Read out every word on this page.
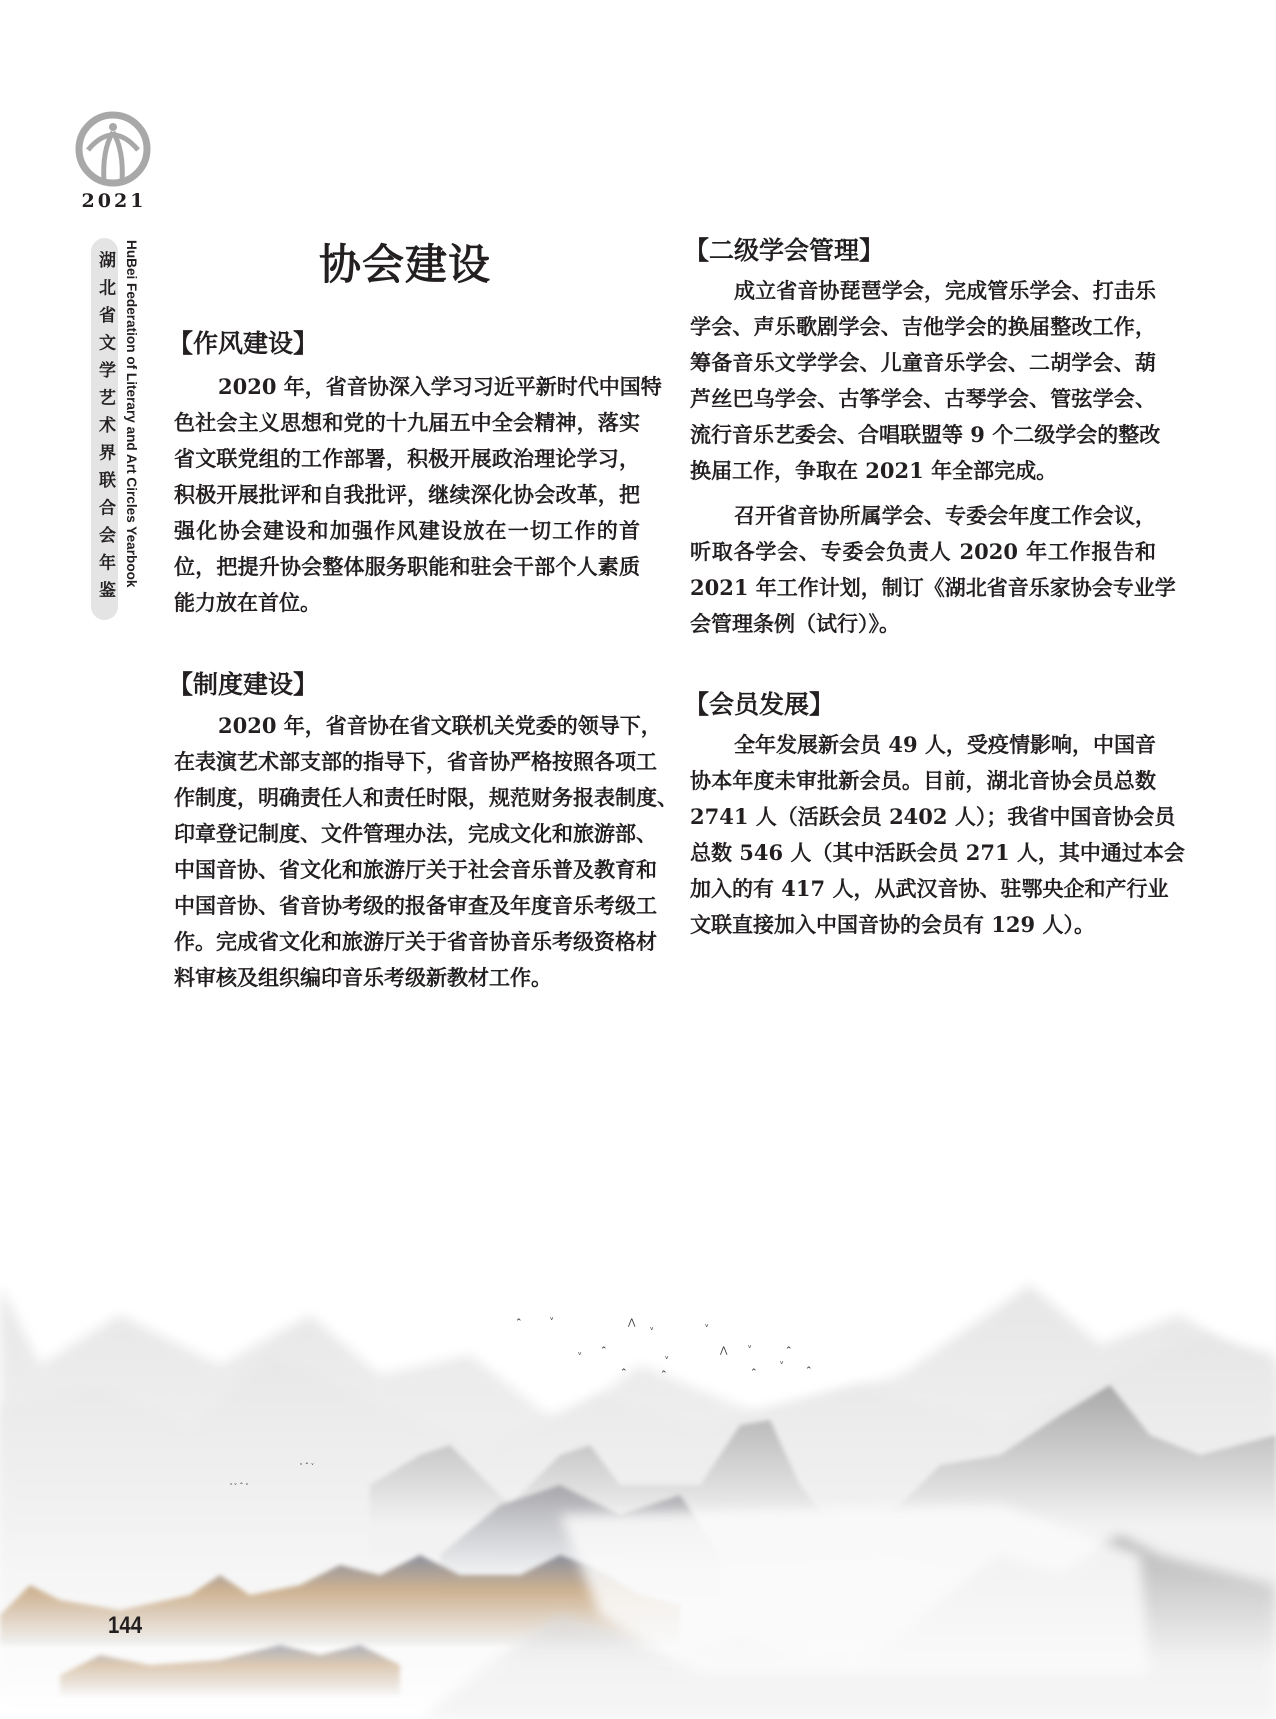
2021
湖北省文学艺术界联合会年鉴 HuBei Federation of Literary and Art Circles Yearbook	协会建设
【作风建设】
2020 年，省音协深入学习习近平新时代中国特
色社会主义思想和党的十九届五中全会精神，落实
省文联党组的工作部署，积极开展政治理论学习，
积极开展批评和自我批评，继续深化协会改革，把
强化协会建设和加强作风建设放在一切工作的首
位，把提升协会整体服务职能和驻会干部个人素质
能力放在首位。
【制度建设】
2020 年，省音协在省文联机关党委的领导下，
在表演艺术部支部的指导下，省音协严格按照各项工
作制度，明确责任人和责任时限，规范财务报表制度、
印章登记制度、文件管理办法，完成文化和旅游部、
中国音协、省文化和旅游厅关于社会音乐普及教育和
中国音协、省音协考级的报备审查及年度音乐考级工
作。完成省文化和旅游厅关于省音协音乐考级资格材
料审核及组织编印音乐考级新教材工作。
【二级学会管理】
成立省音协琵琶学会，完成管乐学会、打击乐
学会、声乐歌剧学会、吉他学会的换届整改工作，
筹备音乐文学学会、儿童音乐学会、二胡学会、葫
芦丝巴乌学会、古筝学会、古琴学会、管弦学会、
流行音乐艺委会、合唱联盟等 9 个二级学会的整改
换届工作，争取在 2021 年全部完成。
召开省音协所属学会、专委会年度工作会议，
听取各学会、专委会负责人 2020 年工作报告和
2021 年工作计划，制订《湖北省音乐家协会专业学
会管理条例（试行）》。
【会员发展】
全年发展新会员 49 人，受疫情影响，中国音
协本年度未审批新会员。目前，湖北音协会员总数
2741 人（活跃会员 2402 人）；我省中国音协会员
总数 546 人（其中活跃会员 271 人，其中通过本会
加入的有 417 人，从武汉音协、驻鄂央企和产行业
文联直接加入中国音协的会员有 129 人）。
⌃	ᵛ	⋀
ᵛ	ᵛ
ᵥ ⌃
ᵥ
⋀ ᵛ	⌃
⌃	⌃	⌃
ᵛ
⌃
ᵛ ᵛ ⌃ ᵛ
ᵛ ⌃ ᵛ
144
